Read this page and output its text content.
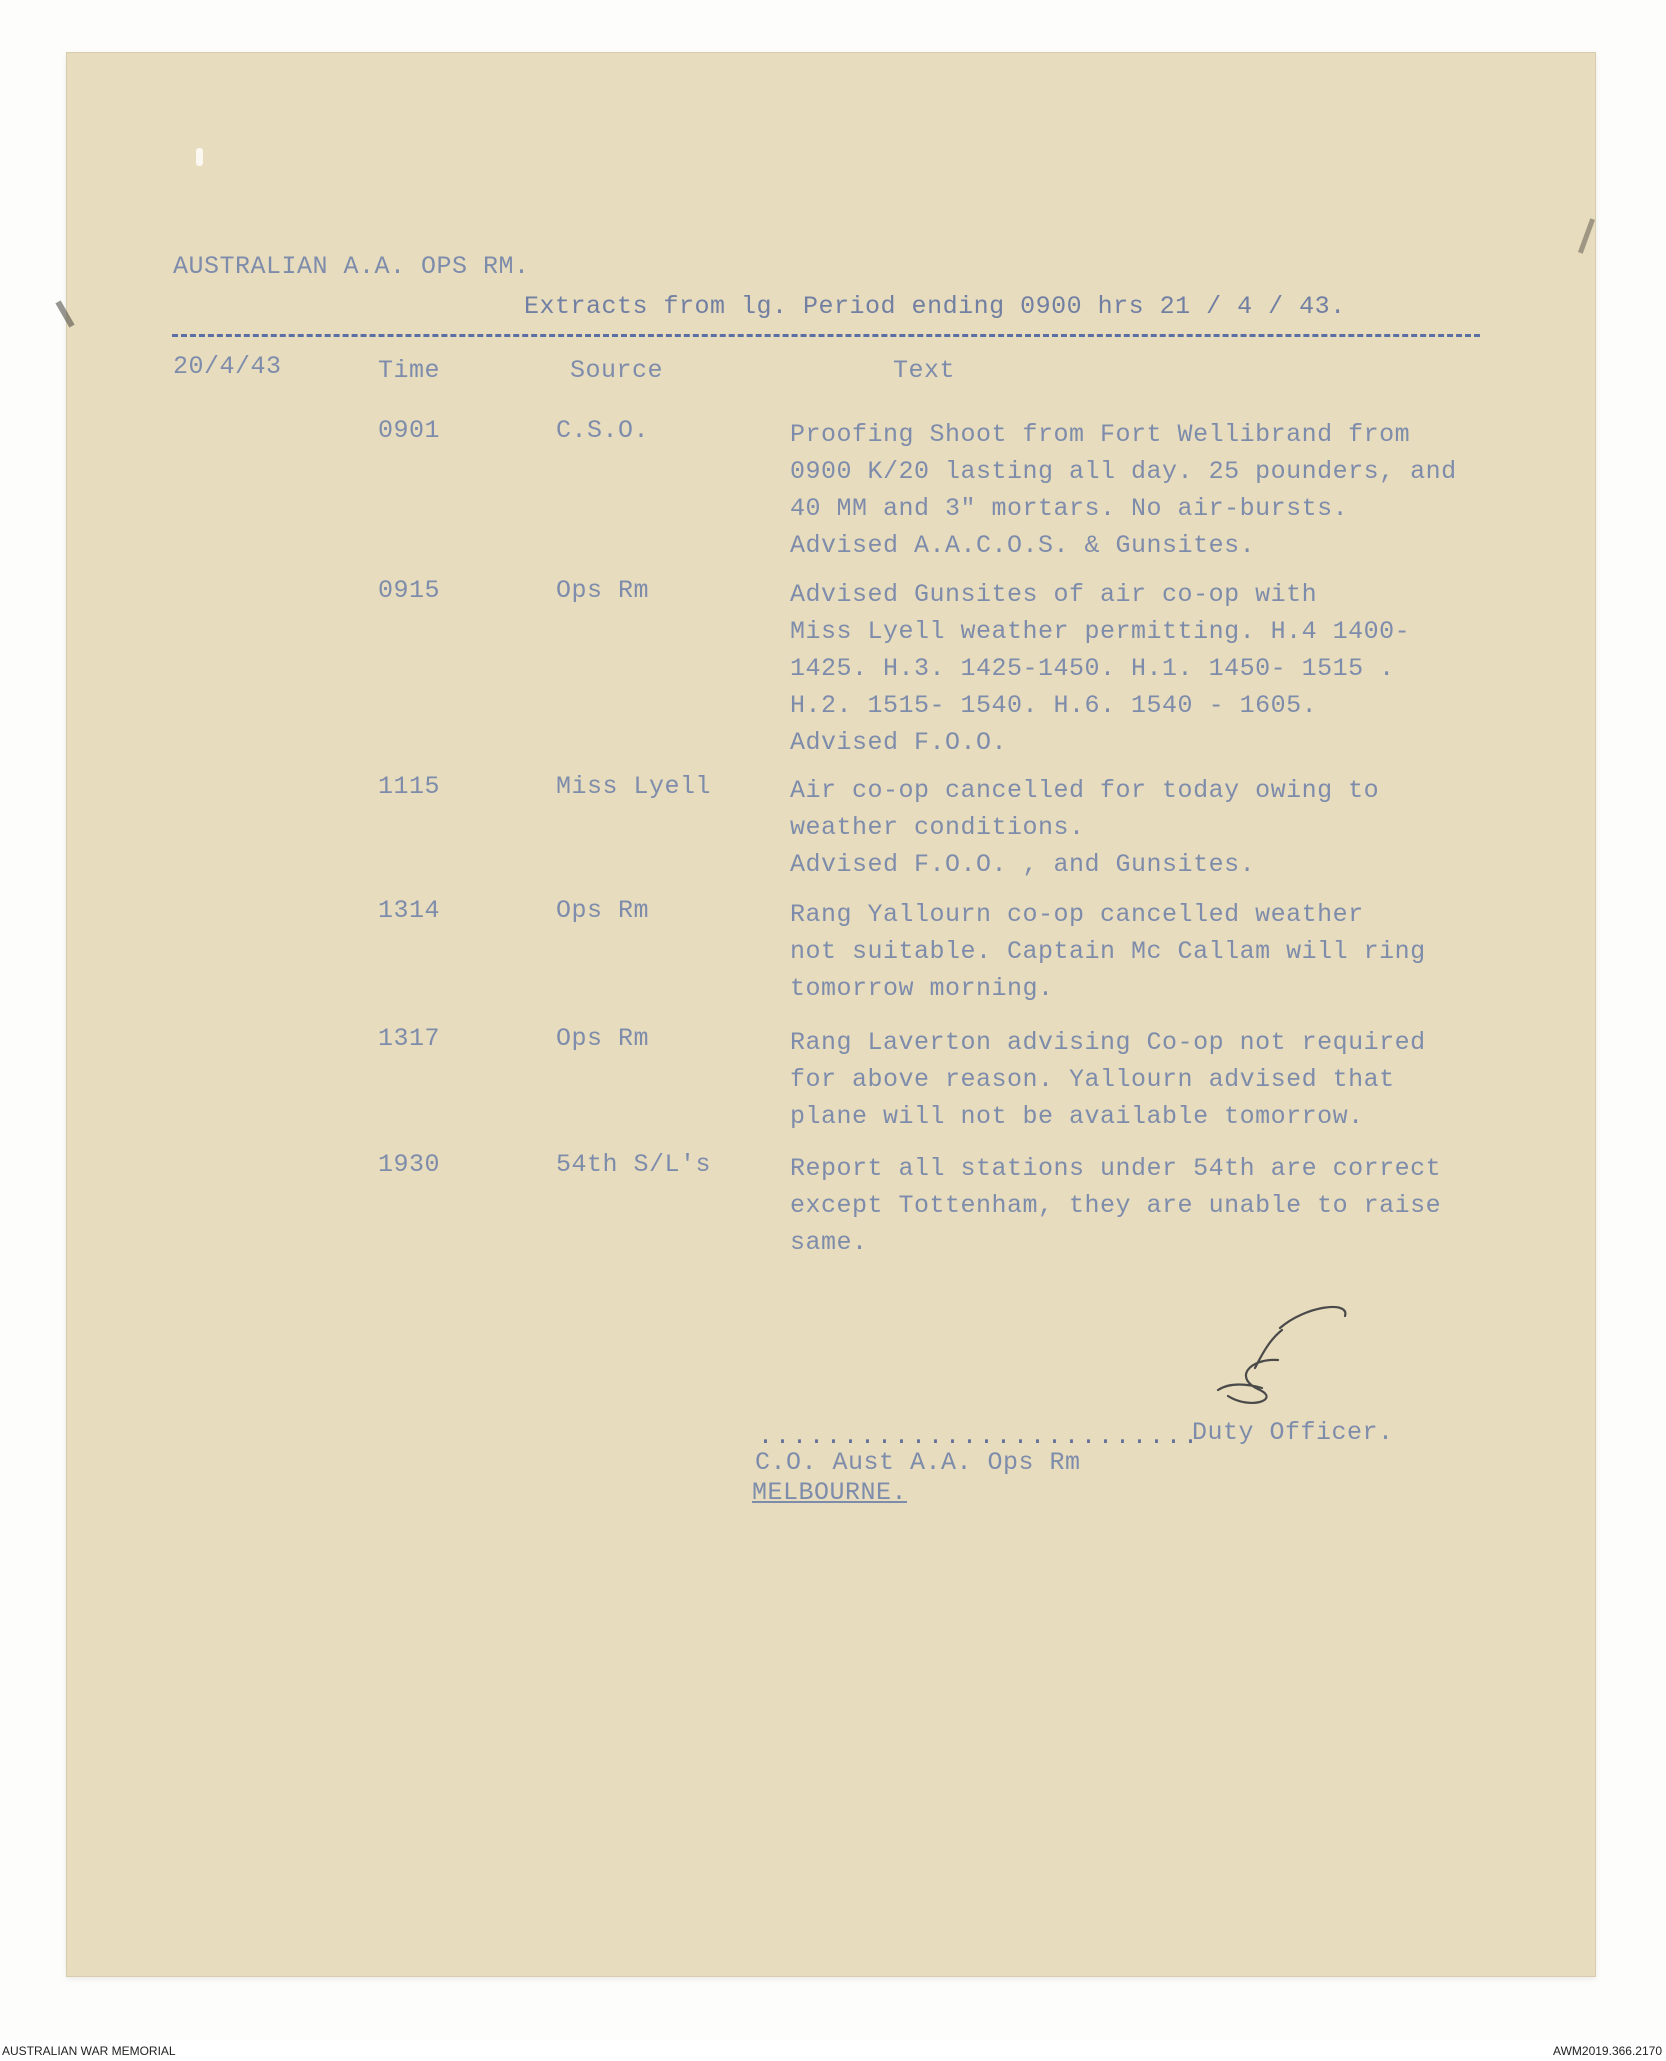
AUSTRALIAN A.A. OPS RM.
Extracts from lg. Period ending 0900 hrs 21 / 4 / 43.
20/4/43	Time	Source	Text
0901	C.S.O.	Proofing Shoot from Fort Wellibrand from
0900 K/20 lasting all day. 25 pounders, and
40 MM and 3" mortars. No air-bursts.
Advised A.A.C.O.S. & Gunsites.
0915	Ops Rm	Advised Gunsites of air co-op with
Miss Lyell weather permitting. H.4 1400-
1425. H.3. 1425-1450. H.1. 1450- 1515 .
H.2. 1515- 1540. H.6. 1540 - 1605.
Advised F.O.O.
1115	Miss Lyell	Air co-op cancelled for today owing to
weather conditions.
Advised F.O.O. , and Gunsites.
1314	Ops Rm	Rang Yallourn co-op cancelled weather
not suitable. Captain Mc Callam will ring
tomorrow morning.
1317	Ops Rm	Rang Laverton advising Co-op not required
for above reason. Yallourn advised that
plane will not be available tomorrow.
1930	54th S/L's	Report all stations under 54th are correct
except Tottenham, they are unable to raise
same.
..........................
Duty Officer.
C.O. Aust A.A. Ops Rm
MELBOURNE.
AUSTRALIAN WAR MEMORIAL	AWM2019.366.2170
